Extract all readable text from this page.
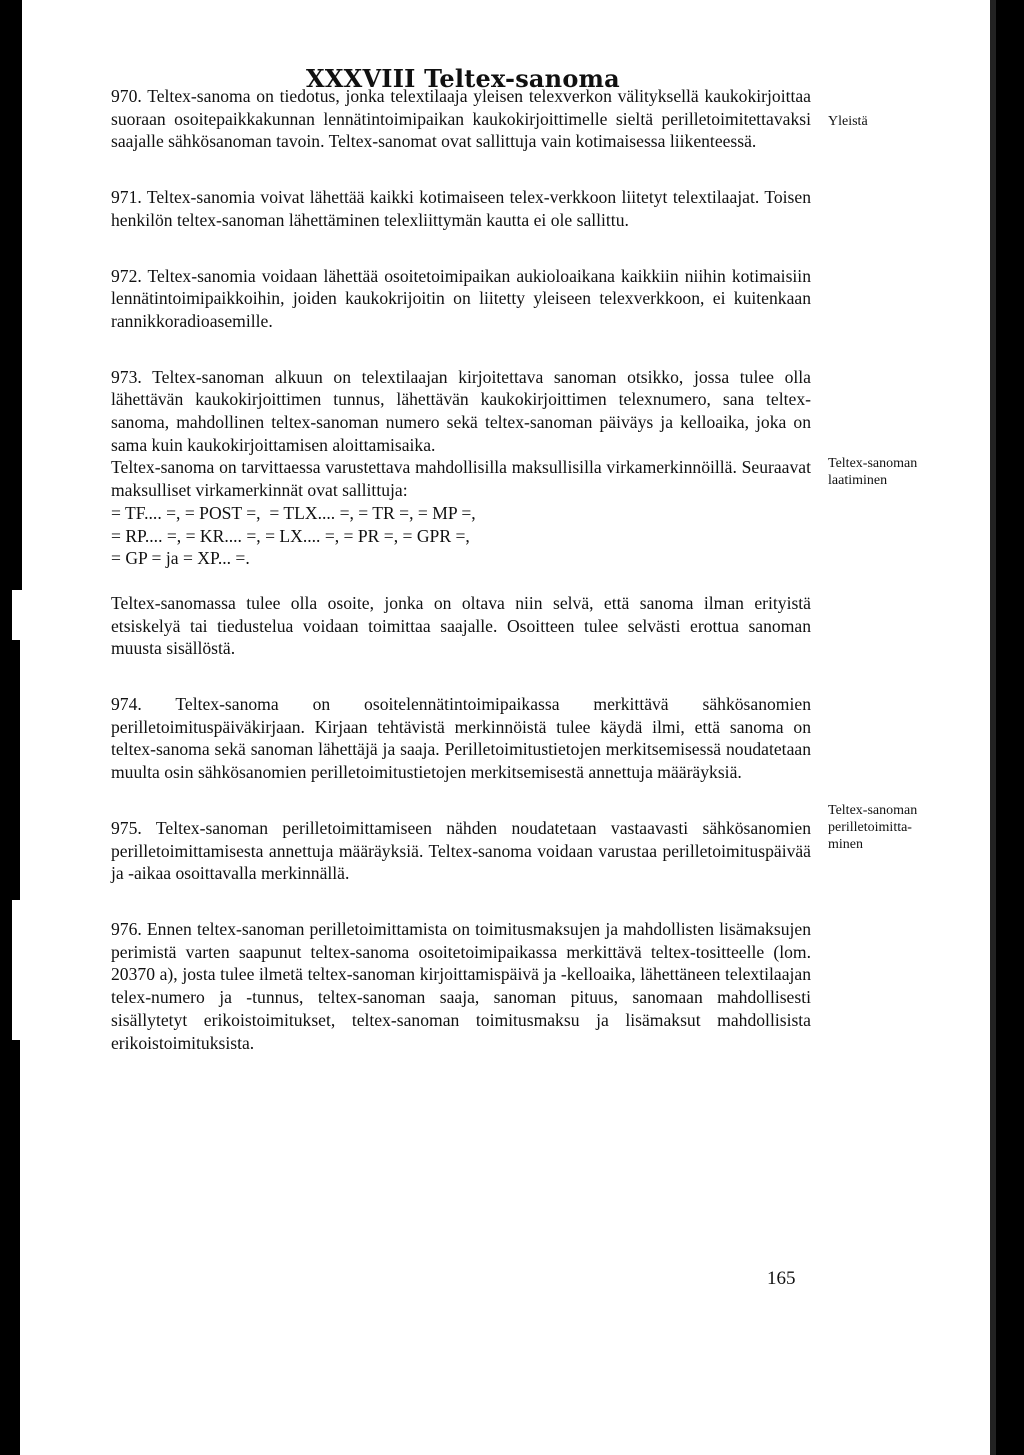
XXXVIII Teltex-sanoma

970. Teltex-sanoma on tiedotus, jonka telextilaaja yleisen telexverkon välityksellä kaukokirjoittaa suoraan osoitepaikkakunnan lennätintoimipaikan kaukokirjoittimelle sieltä perilletoimitettavaksi saajalle sähkösanoman tavoin. Teltex-sanomat ovat sallittuja vain kotimaisessa liikenteessä.

971. Teltex-sanomia voivat lähettää kaikki kotimaiseen telex-verkkoon liitetyt telextilaajat. Toisen henkilön teltex-sanoman lähettäminen telexliittymän kautta ei ole sallittu.

972. Teltex-sanomia voidaan lähettää osoitetoimipaikan aukioloaikana kaikkiin niihin kotimaisiin lennätintoimipaikkoihin, joiden kaukokrijoitin on liitetty yleiseen telexverkkoon, ei kuitenkaan rannikkoradioasemille.

973. Teltex-sanoman alkuun on telextilaajan kirjoitettava sanoman otsikko, jossa tulee olla lähettävän kaukokirjoittimen tunnus, lähettävän kaukokirjoittimen telexnumero, sana teltex-sanoma, mahdollinen teltex-sanoman numero sekä teltex-sanoman päiväys ja kelloaika, joka on sama kuin kaukokirjoittamisen aloittamisaika.

Teltex-sanoma on tarvittaessa varustettava mahdollisilla maksullisilla virkamerkinnöillä. Seuraavat maksulliset virkamerkinnät ovat sallittuja:

= TF.... =, = POST =,  = TLX.... =, = TR =, = MP =,
= RP.... =, = KR.... =, = LX.... =, = PR =, = GPR =,
= GP = ja = XP... =.

Teltex-sanomassa tulee olla osoite, jonka on oltava niin selvä, että sanoma ilman erityistä etsiskelyä tai tiedustelua voidaan toimittaa saajalle. Osoitteen tulee selvästi erottua sanoman muusta sisällöstä.

974. Teltex-sanoma on osoitelennätintoimipaikassa merkittävä sähkösanomien perilletoimituspäiväkirjaan. Kirjaan tehtävistä merkinnöistä tulee käydä ilmi, että sanoma on teltex-sanoma sekä sanoman lähettäjä ja saaja. Perilletoimitustietojen merkitsemisessä noudatetaan muulta osin sähkösanomien perilletoimitustietojen merkitsemisestä annettuja määräyksiä.

975. Teltex-sanoman perilletoimittamiseen nähden noudatetaan vastaavasti sähkösanomien perilletoimittamisesta annettuja määräyksiä. Teltex-sanoma voidaan varustaa perilletoimituspäivää ja -aikaa osoittavalla merkinnällä.

976. Ennen teltex-sanoman perilletoimittamista on toimitusmaksujen ja mahdollisten lisämaksujen perimistä varten saapunut teltex-sanoma osoitetoimipaikassa merkittävä teltex-tositteelle (lom. 20370 a), josta tulee ilmetä teltex-sanoman kirjoittamispäivä ja -kelloaika, lähettäneen telextilaajan telex-numero ja -tunnus, teltex-sanoman saaja, sanoman pituus, sanomaan mahdollisesti sisällytetyt erikoistoimitukset, teltex-sanoman toimitusmaksu ja lisämaksut mahdollisista erikoistoimituksista.

Yleistä
Teltex-sanoman
laatiminen
Teltex-sanoman
perilletoimitta-
minen
165
